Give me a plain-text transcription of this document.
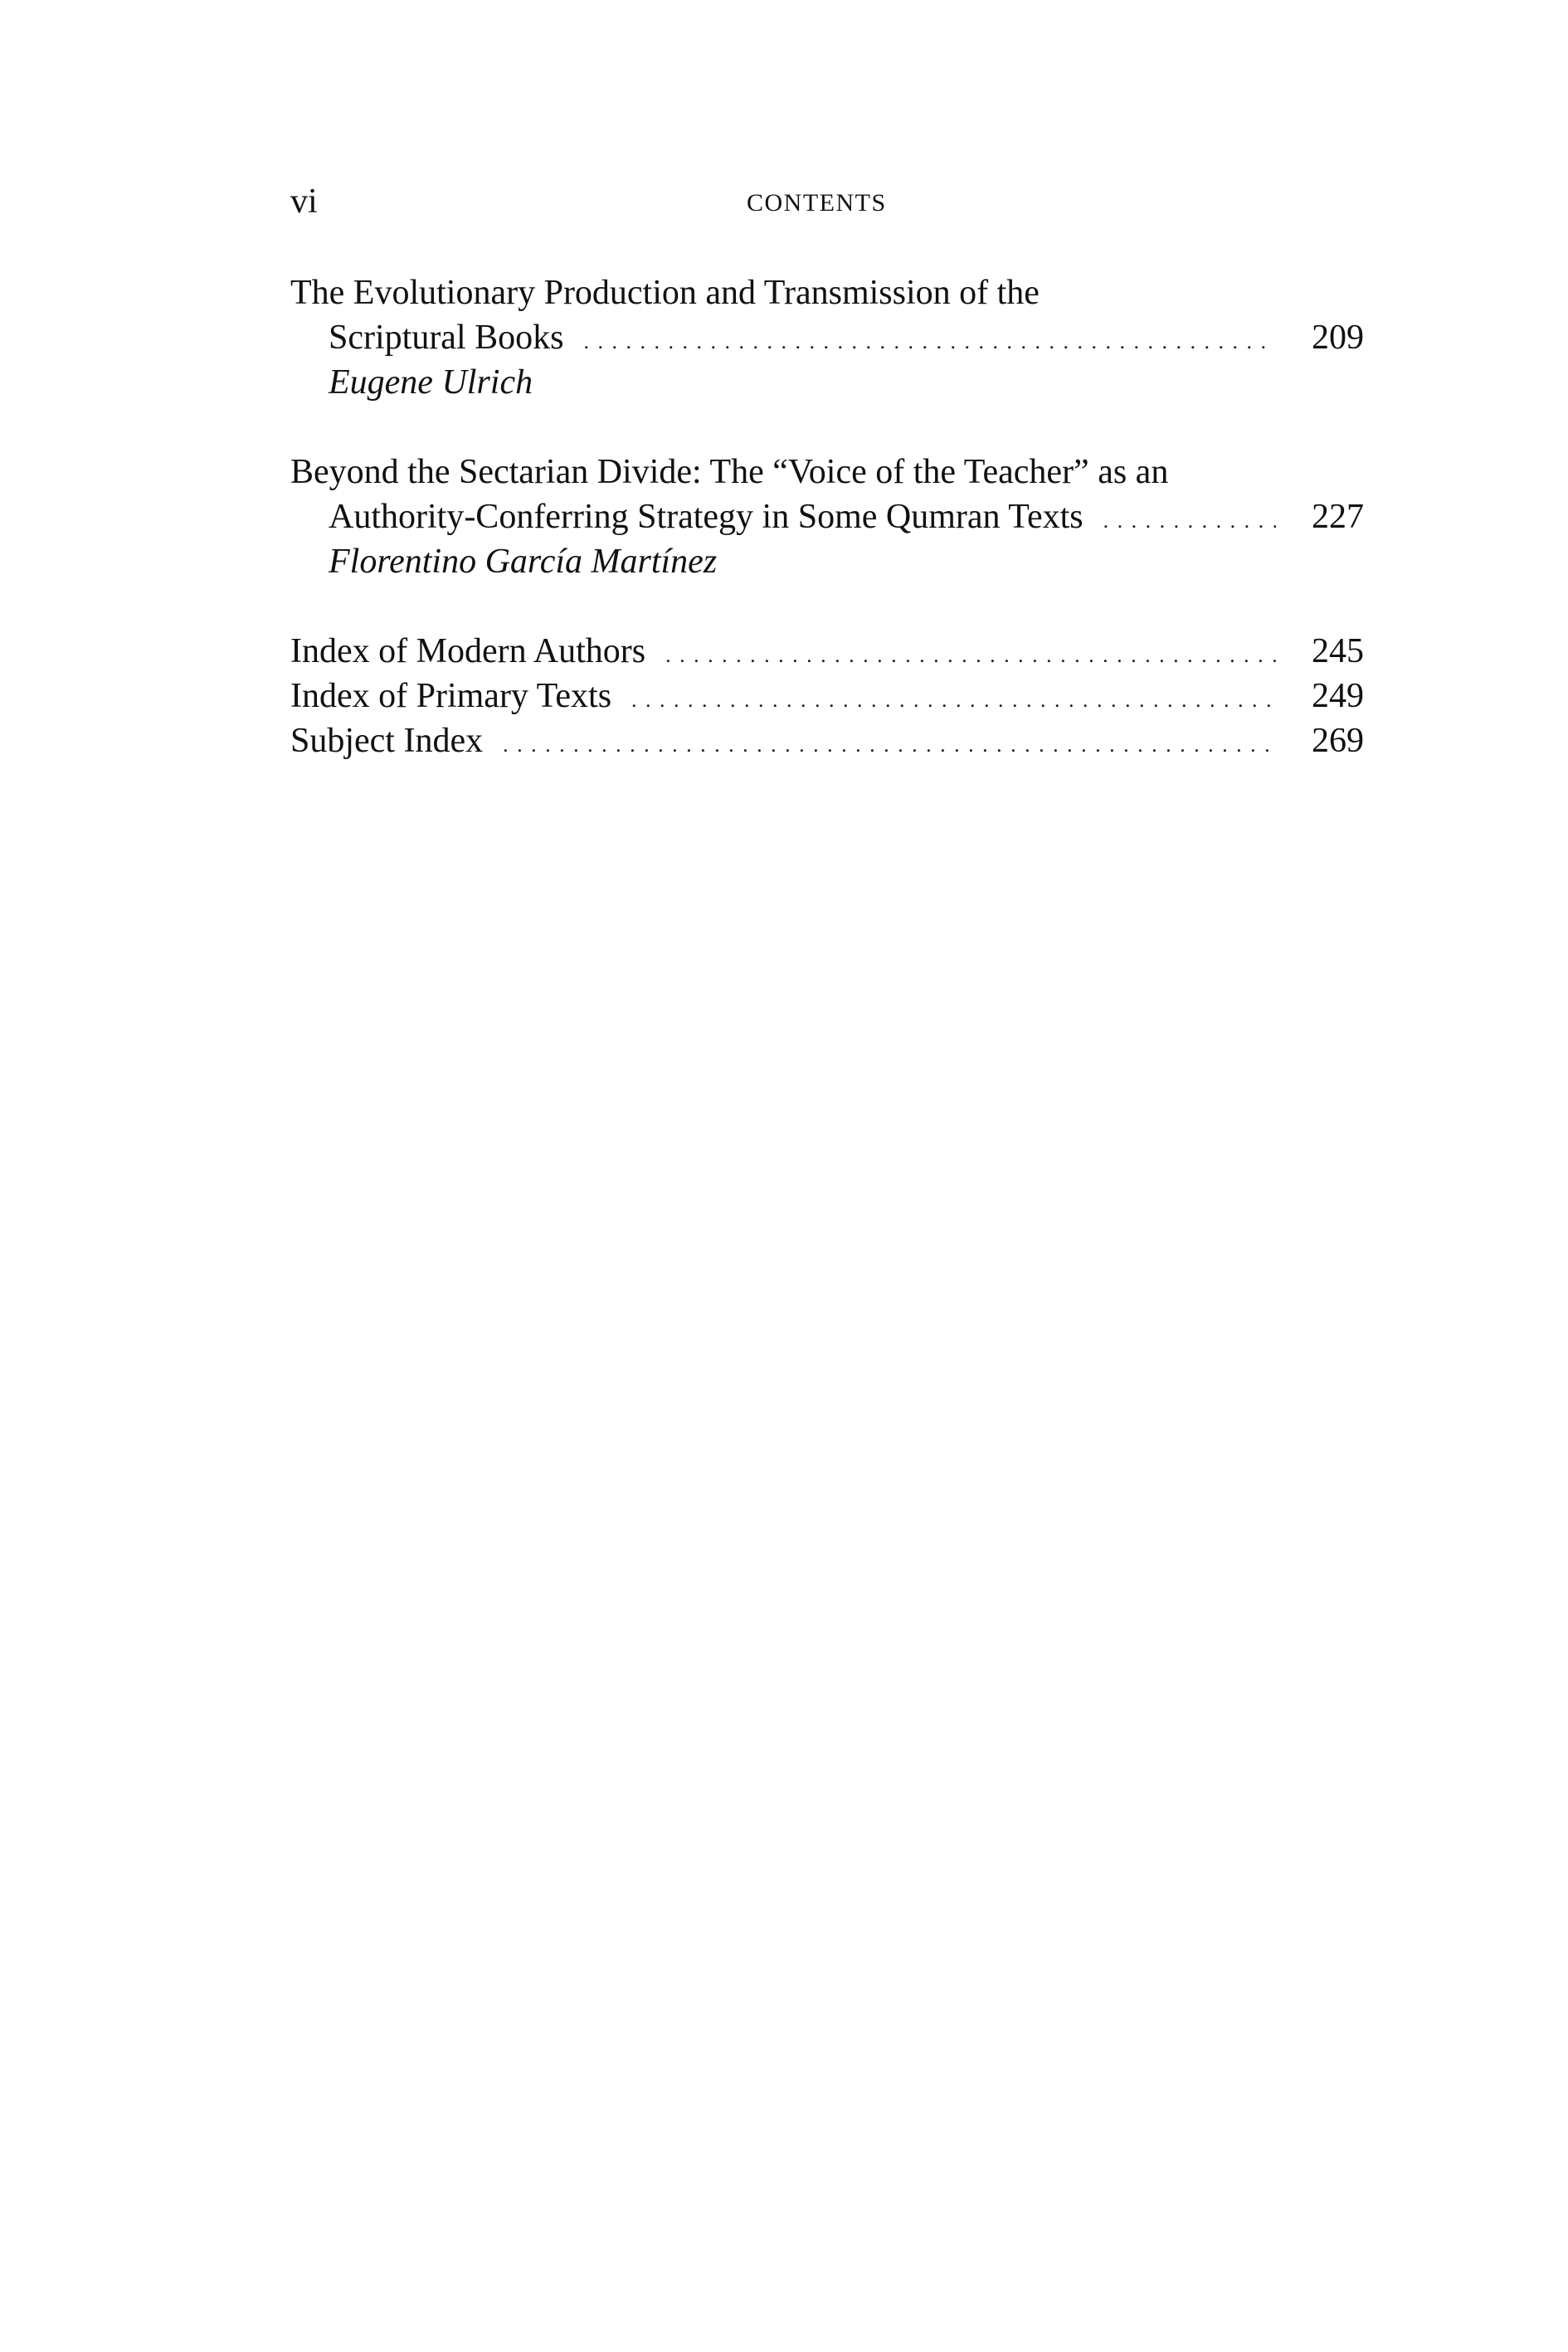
vi	CONTENTS
The Evolutionary Production and Transmission of the
Scriptural Books . . .	209
Eugene Ulrich
Beyond the Sectarian Divide: The “Voice of the Teacher” as an
Authority-Conferring Strategy in Some Qumran Texts . . .	227
Florentino García Martínez
Index of Modern Authors . . .	245
Index of Primary Texts . . .	249
Subject Index . . .	269
